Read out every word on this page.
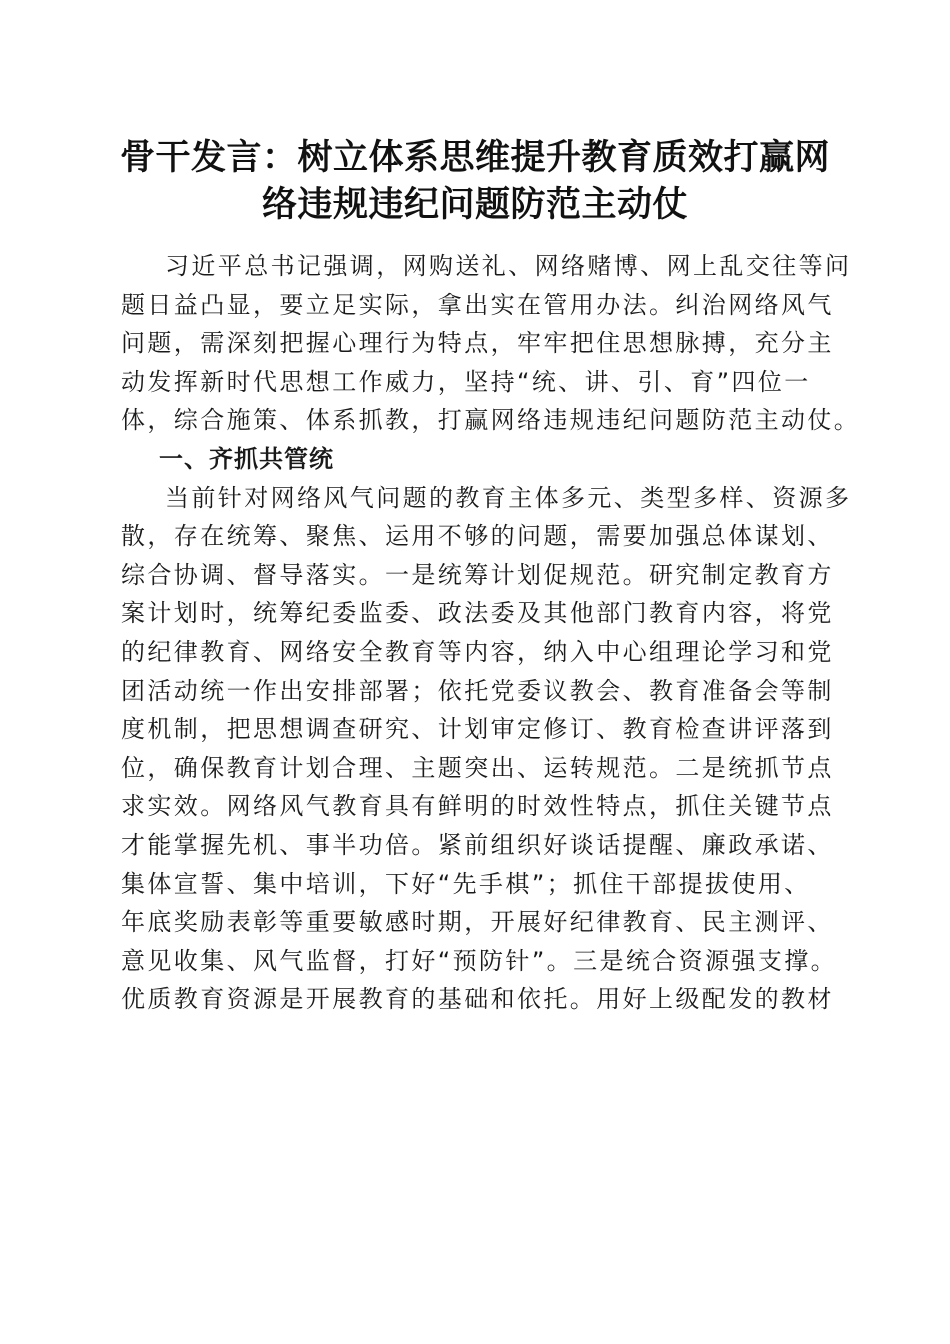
骨干发言：树立体系思维提升教育质效打赢网
络违规违纪问题防范主动仗
习近平总书记强调，网购送礼、网络赌博、网上乱交往等问
题日益凸显，要立足实际，拿出实在管用办法。纠治网络风气
问题，需深刻把握心理行为特点，牢牢把住思想脉搏，充分主
动发挥新时代思想工作威力，坚持“统、讲、引、育”四位一
体，综合施策、体系抓教，打赢网络违规违纪问题防范主动仗。
一、齐抓共管统
当前针对网络风气问题的教育主体多元、类型多样、资源多
散，存在统筹、聚焦、运用不够的问题，需要加强总体谋划、
综合协调、督导落实。一是统筹计划促规范。研究制定教育方
案计划时，统筹纪委监委、政法委及其他部门教育内容，将党
的纪律教育、网络安全教育等内容，纳入中心组理论学习和党
团活动统一作出安排部署；依托党委议教会、教育准备会等制
度机制，把思想调查研究、计划审定修订、教育检查讲评落到
位，确保教育计划合理、主题突出、运转规范。二是统抓节点
求实效。网络风气教育具有鲜明的时效性特点，抓住关键节点
才能掌握先机、事半功倍。紧前组织好谈话提醒、廉政承诺、
集体宣誓、集中培训，下好“先手棋”；抓住干部提拔使用、
年底奖励表彰等重要敏感时期，开展好纪律教育、民主测评、
意见收集、风气监督，打好“预防针”。三是统合资源强支撑。
优质教育资源是开展教育的基础和依托。用好上级配发的教材
